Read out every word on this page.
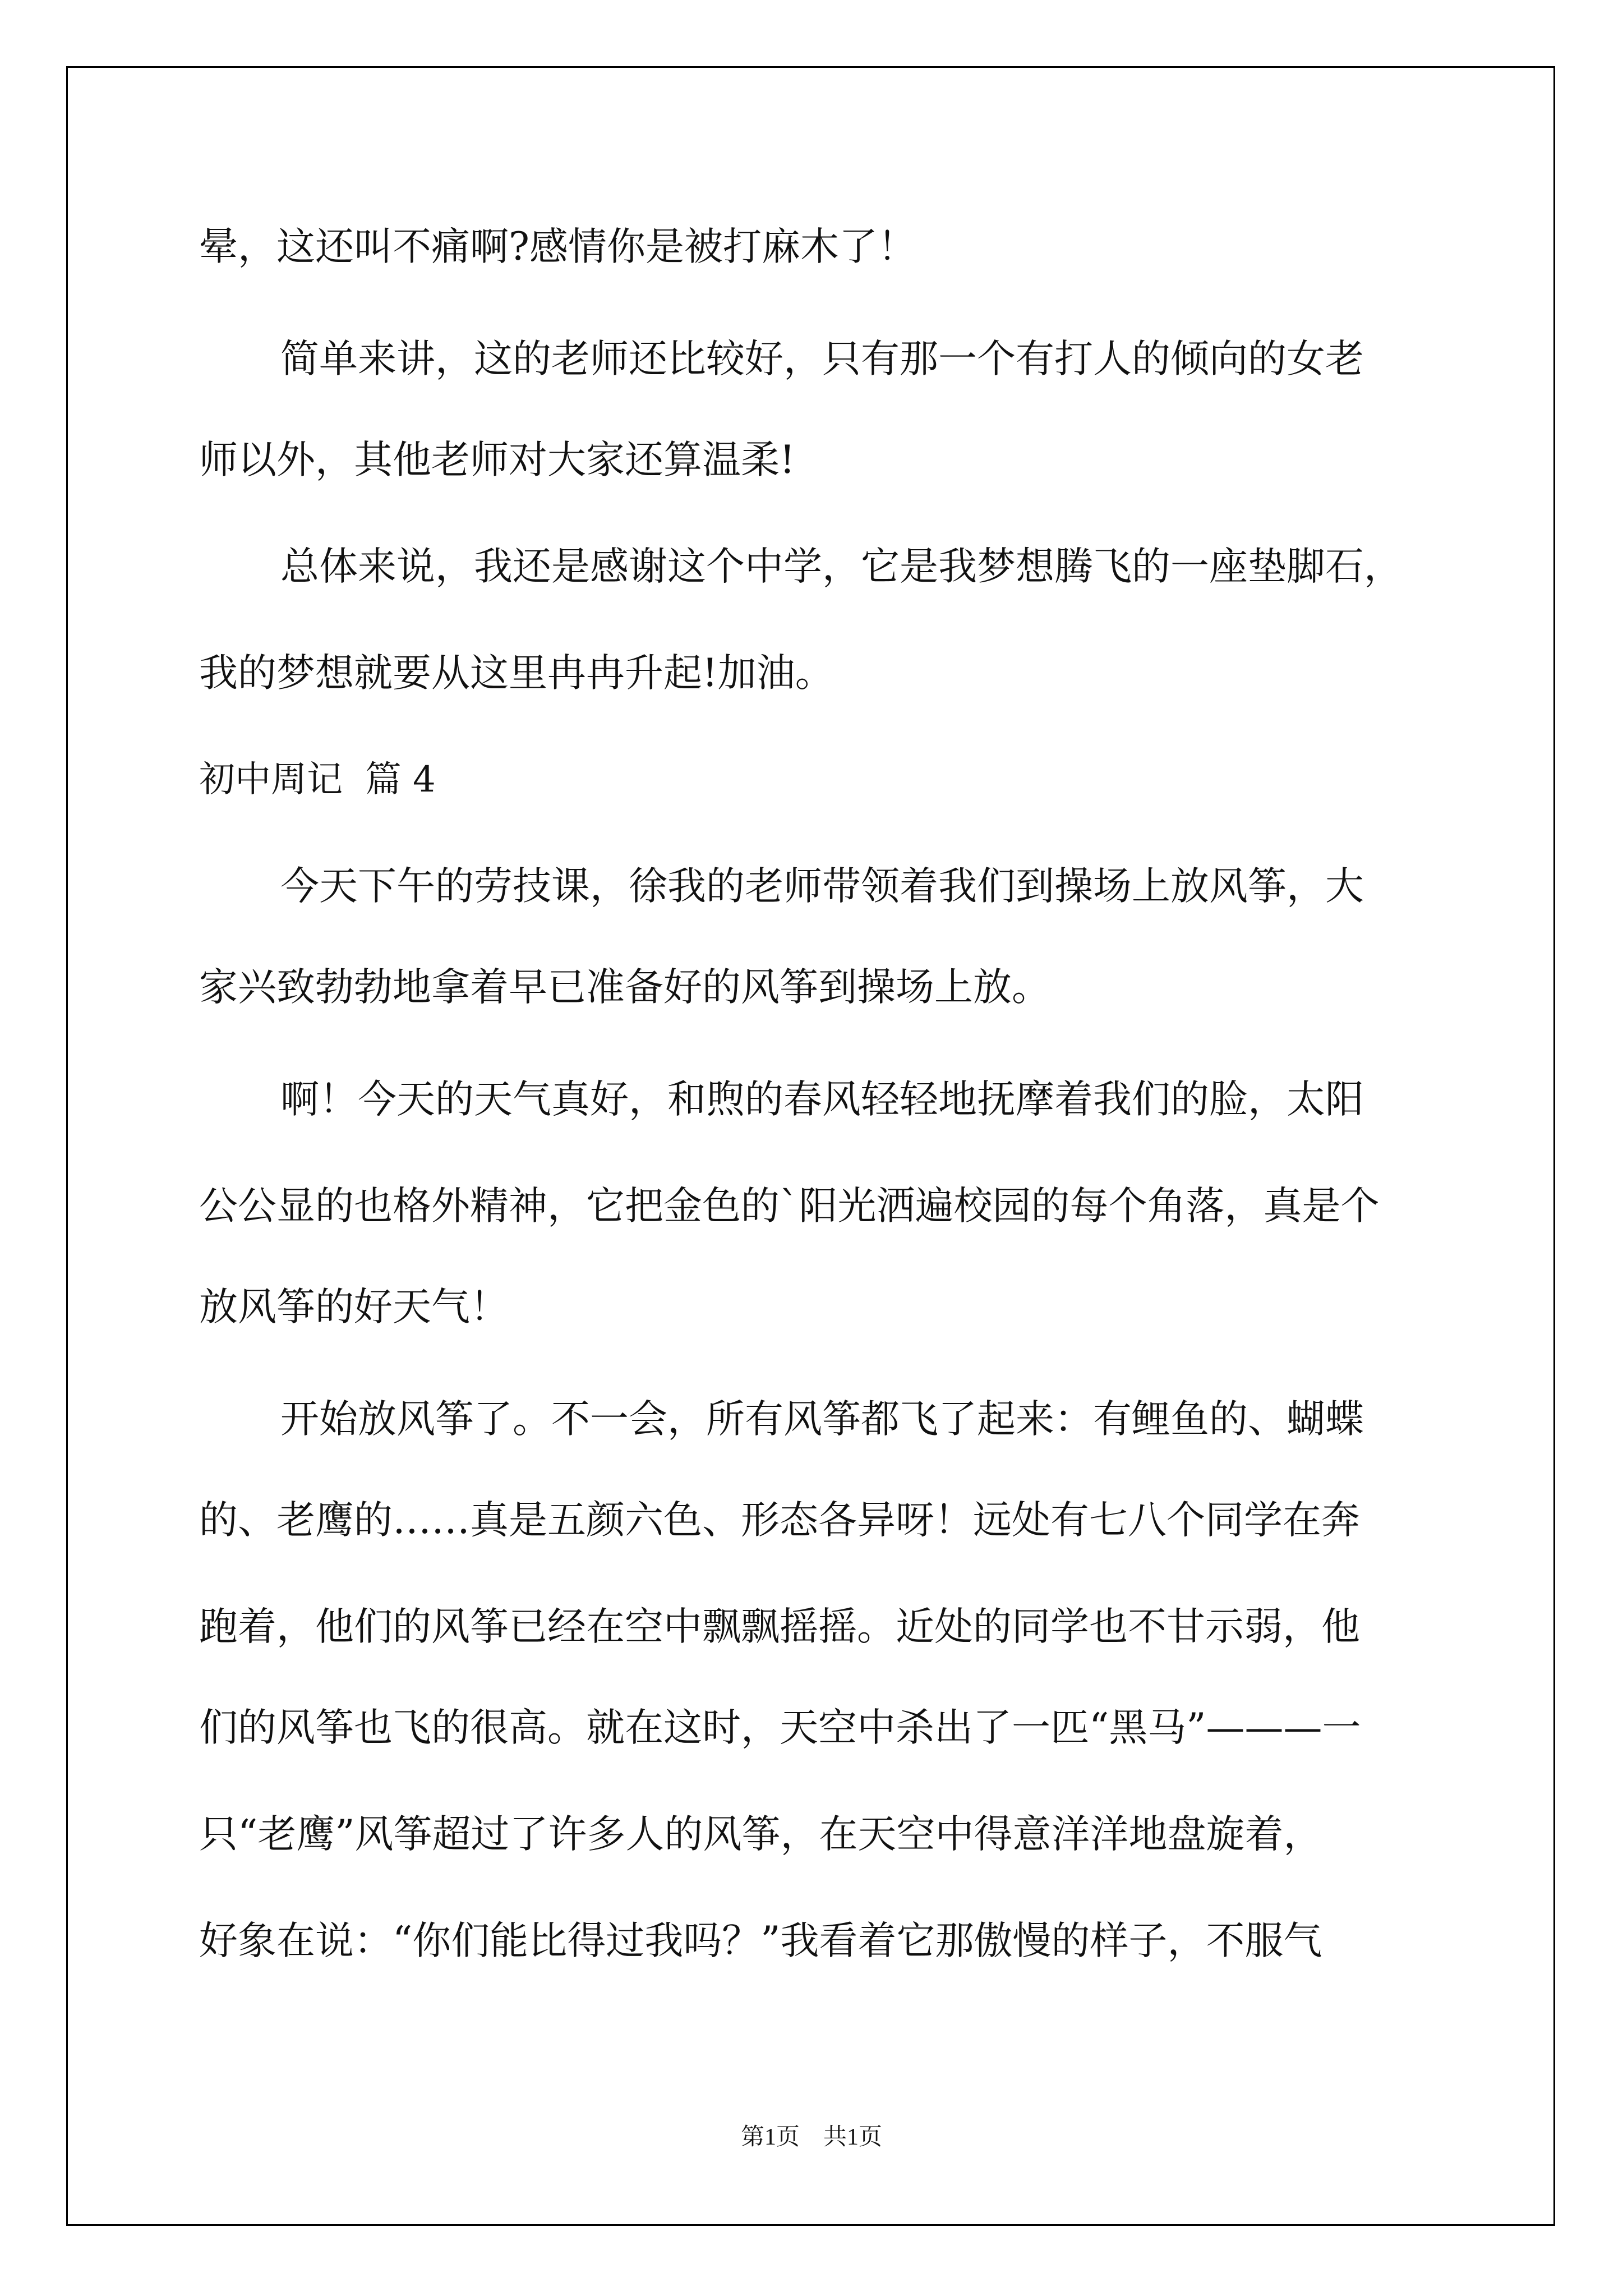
晕，这还叫不痛啊?感情你是被打麻木了！

简单来讲，这的老师还比较好，只有那一个有打人的倾向的女老

师以外，其他老师对大家还算温柔!

总体来说，我还是感谢这个中学，它是我梦想腾飞的一座垫脚石，

我的梦想就要从这里冉冉升起!加油。

初中周记  篇 4

今天下午的劳技课，徐我的老师带领着我们到操场上放风筝，大

家兴致勃勃地拿着早已准备好的风筝到操场上放。

啊！今天的天气真好，和煦的春风轻轻地抚摩着我们的脸，太阳

公公显的也格外精神，它把金色的`阳光洒遍校园的每个角落，真是个

放风筝的好天气！

开始放风筝了。不一会，所有风筝都飞了起来：有鲤鱼的、蝴蝶

的、老鹰的……真是五颜六色、形态各异呀！远处有七八个同学在奔

跑着，他们的风筝已经在空中飘飘摇摇。近处的同学也不甘示弱，他

们的风筝也飞的很高。就在这时，天空中杀出了一匹“黑马”———一

只“老鹰”风筝超过了许多人的风筝，在天空中得意洋洋地盘旋着，

好象在说：“你们能比得过我吗？”我看着它那傲慢的样子，不服气

第1页　共1页
